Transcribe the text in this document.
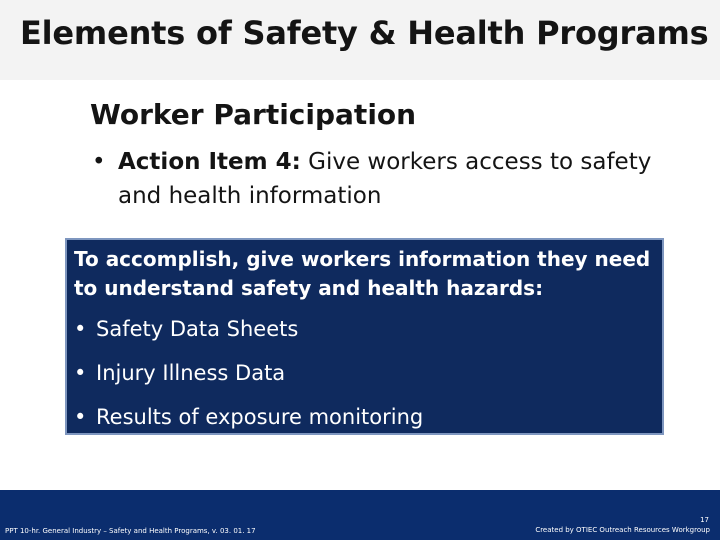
Elements of Safety & Health Programs
Worker Participation
• Action Item 4: Give workers access to safety and health information

To accomplish, give workers information they need to understand safety and health hazards:

• Safety Data Sheets
• Injury Illness Data
• Results of exposure monitoring
PPT 10-hr. General Industry – Safety and Health Programs, v. 03. 01. 17
17
Created by OTIEC Outreach Resources Workgroup
